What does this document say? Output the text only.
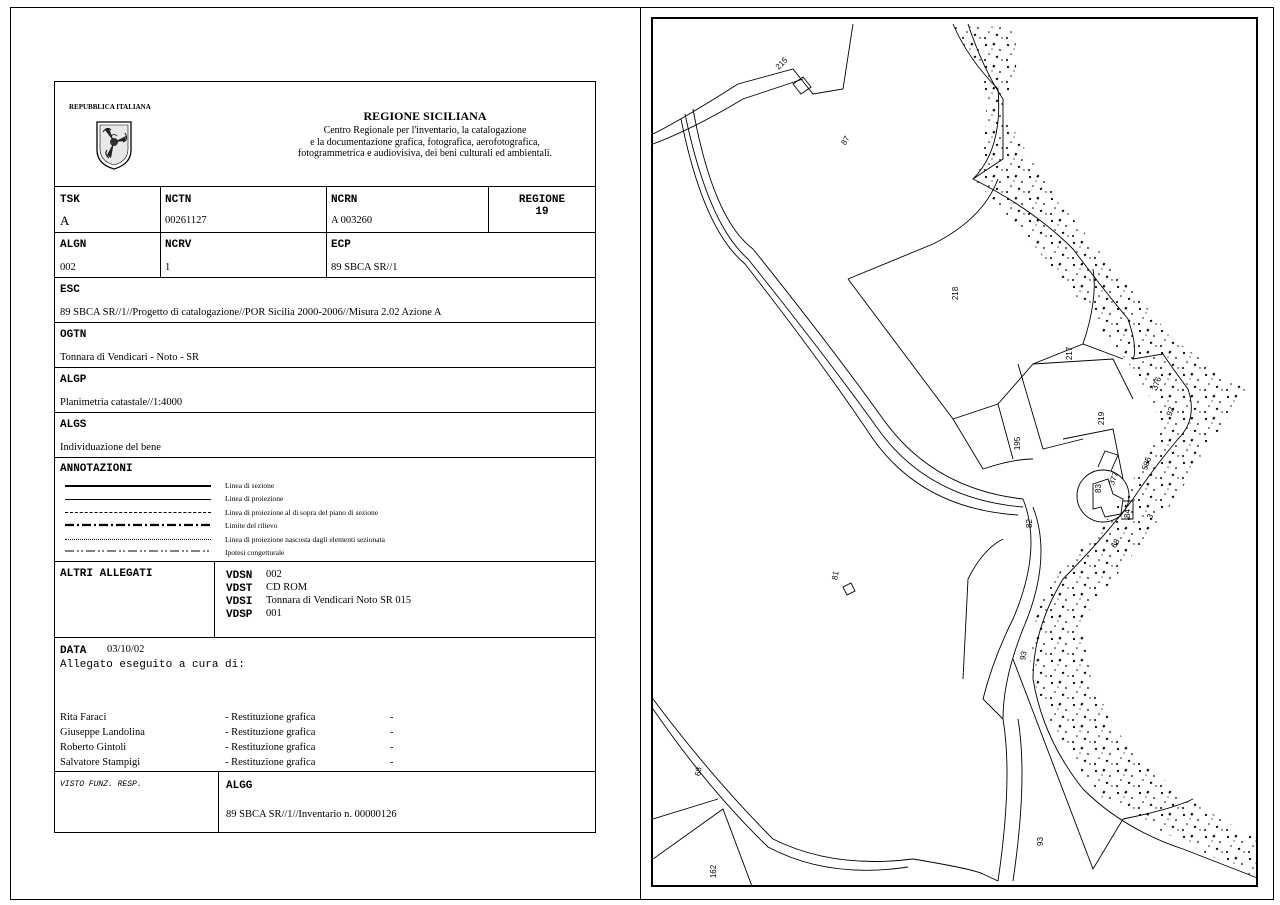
REPUBBLICA ITALIANA
REGIONE SICILIANA
Centro Regionale per l'inventario, la catalogazione
e la documentazione grafica, fotografica, aerofotografica,
fotogrammetrica e audiovisiva, dei beni culturali ed ambientali.
TSK
A
NCTN
00261127
NCRN
A 003260
REGIONE
19
ALGN
002
NCRV
1
ECP
89 SBCA SR//1
ESC
89 SBCA SR//1//Progetto di catalogazione//POR Sicilia 2000-2006//Misura 2.02 Azione A
OGTN
Tonnara di Vendicari - Noto - SR
ALGP
Planimetria catastale//1:4000
ALGS
Individuazione del bene
ANNOTAZIONI
Linea di sezione
Linea di proiezione
Linea di proiezione al di sopra del piano di sezione
Limite del rilievo
Linea di proiezione nascosta dagli elementi sezionata
Ipotesi congetturale
ALTRI ALLEGATI	VDSN 002
VDST CD ROM
VDSI Tonnara di Vendicari Noto SR 015
VDSP 001
DATA 03/10/02
Allegato eseguito a cura di:
Rita Faraci	- Restituzione grafica	-
Giuseppe Landolina	- Restituzione grafica	-
Roberto Gintoli	- Restituzione grafica	-
Salvatore Stampigi	- Restituzione grafica	-
VISTO FUNZ. RESP.	ALGG
89 SBCA SR//1//Inventario n. 00000126
215
87
218
217
219
376
92
195
585
83
377
84 3
82
68
81
93
93
68
162
